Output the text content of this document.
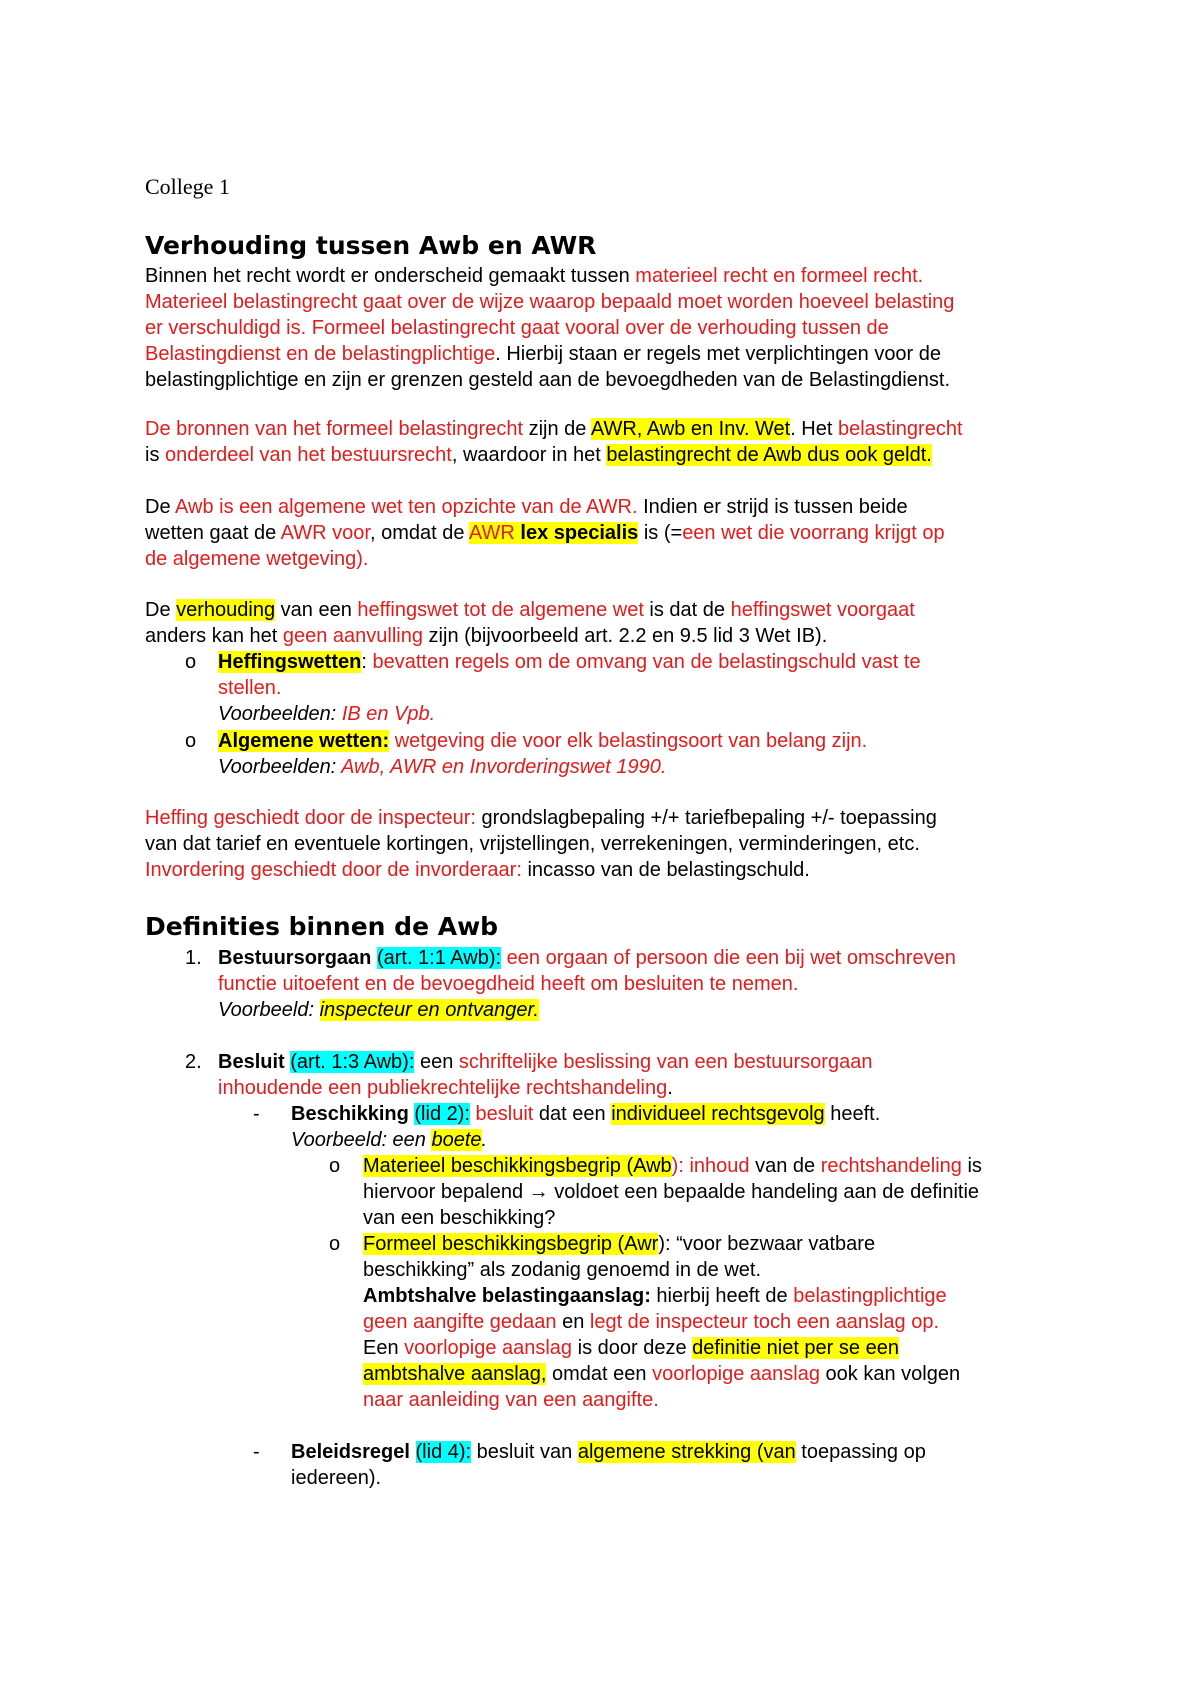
College 1
Verhouding tussen Awb en AWR
Binnen het recht wordt er onderscheid gemaakt tussen materieel recht en formeel recht.
Materieel belastingrecht gaat over de wijze waarop bepaald moet worden hoeveel belasting
er verschuldigd is. Formeel belastingrecht gaat vooral over de verhouding tussen de
Belastingdienst en de belastingplichtige. Hierbij staan er regels met verplichtingen voor de
belastingplichtige en zijn er grenzen gesteld aan de bevoegdheden van de Belastingdienst.
De bronnen van het formeel belastingrecht zijn de AWR, Awb en Inv. Wet. Het belastingrecht
is onderdeel van het bestuursrecht, waardoor in het belastingrecht de Awb dus ook geldt.
De Awb is een algemene wet ten opzichte van de AWR. Indien er strijd is tussen beide
wetten gaat de AWR voor, omdat de AWR lex specialis is (=een wet die voorrang krijgt op
de algemene wetgeving).
De verhouding van een heffingswet tot de algemene wet is dat de heffingswet voorgaat
anders kan het geen aanvulling zijn (bijvoorbeeld art. 2.2 en 9.5 lid 3 Wet IB).
o Heffingswetten: bevatten regels om de omvang van de belastingschuld vast te
stellen.
Voorbeelden: IB en Vpb.
o Algemene wetten: wetgeving die voor elk belastingsoort van belang zijn.
Voorbeelden: Awb, AWR en Invorderingswet 1990.
Heffing geschiedt door de inspecteur: grondslagbepaling +/+ tariefbepaling +/- toepassing
van dat tarief en eventuele kortingen, vrijstellingen, verrekeningen, verminderingen, etc.
Invordering geschiedt door de invorderaar: incasso van de belastingschuld.
Definities binnen de Awb
1. Bestuursorgaan (art. 1:1 Awb): een orgaan of persoon die een bij wet omschreven
functie uitoefent en de bevoegdheid heeft om besluiten te nemen.
Voorbeeld: inspecteur en ontvanger.
2. Besluit (art. 1:3 Awb): een schriftelijke beslissing van een bestuursorgaan
inhoudende een publiekrechtelijke rechtshandeling.
- Beschikking (lid 2): besluit dat een individueel rechtsgevolg heeft.
Voorbeeld: een boete.
o Materieel beschikkingsbegrip (Awb): inhoud van de rechtshandeling is
hiervoor bepalend → voldoet een bepaalde handeling aan de definitie
van een beschikking?
o Formeel beschikkingsbegrip (Awr): “voor bezwaar vatbare
beschikking” als zodanig genoemd in de wet.
Ambtshalve belastingaanslag: hierbij heeft de belastingplichtige
geen aangifte gedaan en legt de inspecteur toch een aanslag op.
Een voorlopige aanslag is door deze definitie niet per se een
ambtshalve aanslag, omdat een voorlopige aanslag ook kan volgen
naar aanleiding van een aangifte.
- Beleidsregel (lid 4): besluit van algemene strekking (van toepassing op
iedereen).
